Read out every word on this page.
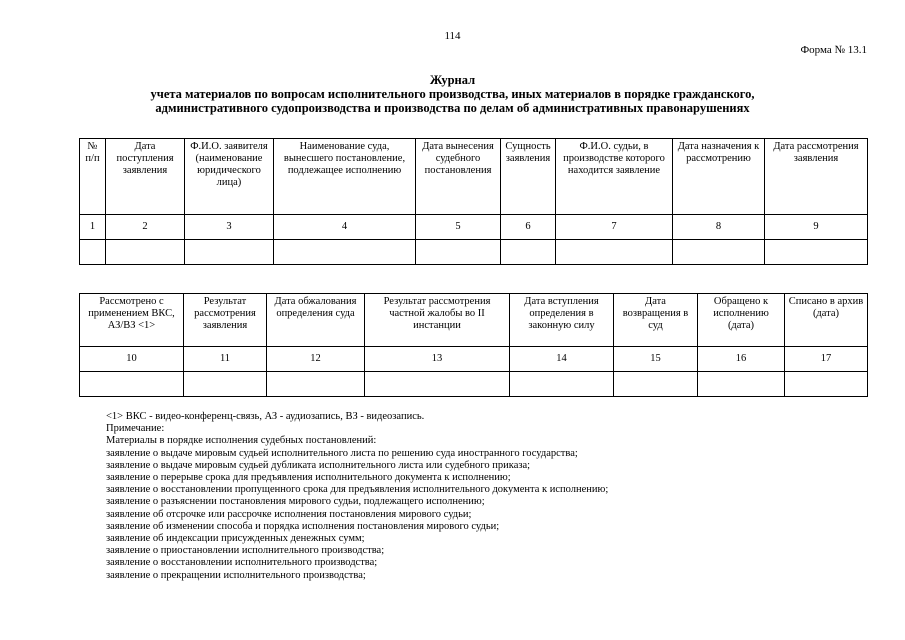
114
Форма № 13.1
Журнал
учета материалов по вопросам исполнительного производства, иных материалов в порядке гражданского,
административного судопроизводства и производства по делам об административных правонарушениях
№ п/п	Дата поступления заявления	Ф.И.О. заявителя (наименование юридического лица)	Наименование суда, вынесшего постановление, подлежащее исполнению	Дата вынесения судебного постановления	Сущность заявления	Ф.И.О. судьи, в производстве которого находится заявление	Дата назначения к рассмотрению	Дата рассмотрения заявления
1	2	3	4	5	6	7	8	9

Рассмотрено с применением ВКС, АЗ/ВЗ <1>	Результат рассмотрения заявления	Дата обжалования определения суда	Результат рассмотрения частной жалобы во II инстанции	Дата вступления определения в законную силу	Дата возвращения в суд	Обращено к исполнению (дата)	Списано в архив (дата)
10	11	12	13	14	15	16	17

<1> ВКС - видео-конференц-связь, АЗ - аудиозапись, ВЗ - видеозапись.
Примечание:
Материалы в порядке исполнения судебных постановлений:
заявление о выдаче мировым судьей исполнительного листа по решению суда иностранного государства;
заявление о выдаче мировым судьей дубликата исполнительного листа или судебного приказа;
заявление о перерыве срока для предъявления исполнительного документа к исполнению;
заявление о восстановлении пропущенного срока для предъявления исполнительного документа к исполнению;
заявление о разъяснении постановления мирового судьи, подлежащего исполнению;
заявление об отсрочке или рассрочке исполнения постановления мирового судьи;
заявление об изменении способа и порядка исполнения постановления мирового судьи;
заявление об индексации присужденных денежных сумм;
заявление о приостановлении исполнительного производства;
заявление о восстановлении исполнительного производства;
заявление о прекращении исполнительного производства;
